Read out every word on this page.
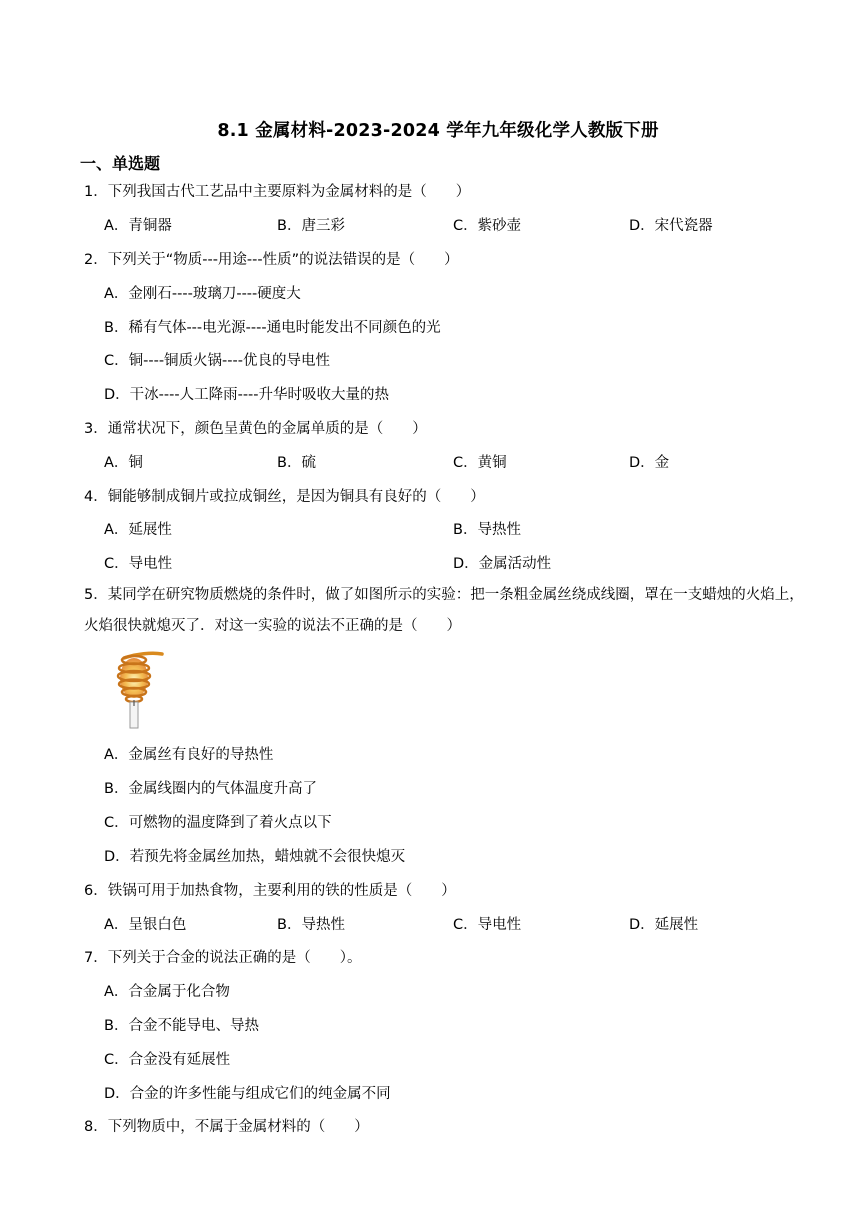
8.1 金属材料-2023-2024 学年九年级化学人教版下册
一、单选题
1．下列我国古代工艺品中主要原料为金属材料的是（　　）
A．青铜器	B．唐三彩	C．紫砂壶	D．宋代瓷器
2．下列关于“物质---用途---性质”的说法错误的是（　　）
A．金刚石----玻璃刀----硬度大
B．稀有气体---电光源----通电时能发出不同颜色的光
C．铜----铜质火锅----优良的导电性
D．干冰----人工降雨----升华时吸收大量的热
3．通常状况下，颜色呈黄色的金属单质的是（　　）
A．铜	B．硫	C．黄铜	D．金
4．铜能够制成铜片或拉成铜丝，是因为铜具有良好的（　　）
A．延展性	B．导热性
C．导电性	D．金属活动性
5．某同学在研究物质燃烧的条件时，做了如图所示的实验：把一条粗金属丝绕成线圈，罩在一支蜡烛的火焰上，火焰很快就熄灭了．对这一实验的说法不正确的是（　　）
A．金属丝有良好的导热性
B．金属线圈内的气体温度升高了
C．可燃物的温度降到了着火点以下
D．若预先将金属丝加热，蜡烛就不会很快熄灭
6．铁锅可用于加热食物，主要利用的铁的性质是（　　）
A．呈银白色	B．导热性	C．导电性	D．延展性
7．下列关于合金的说法正确的是（　　）。
A．合金属于化合物
B．合金不能导电、导热
C．合金没有延展性
D．合金的许多性能与组成它们的纯金属不同
8．下列物质中，不属于金属材料的（　　）
